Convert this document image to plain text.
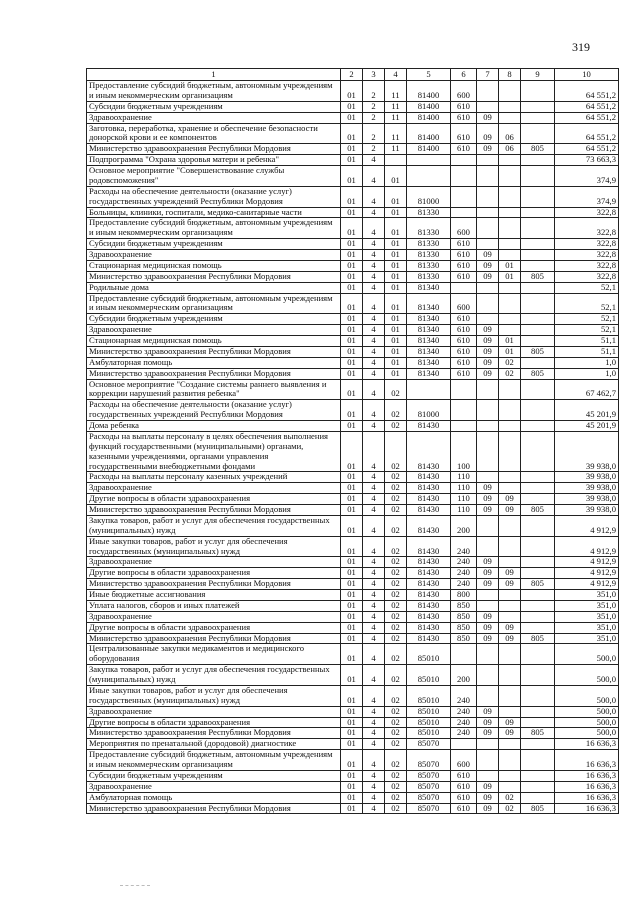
319
1	2	3	4	5	6	7	8	9	10
Предоставление субсидий бюджетным, автономным учреждениям и иным некоммерческим организациям	01	2	11	81400	600				64 551,2
Субсидии бюджетным учреждениям	01	2	11	81400	610				64 551,2
Здравоохранение	01	2	11	81400	610	09			64 551,2
Заготовка, переработка, хранение и обеспечение безопасности донорской крови и ее компонентов	01	2	11	81400	610	09	06		64 551,2
Министерство здравоохранения Республики Мордовия	01	2	11	81400	610	09	06	805	64 551,2
Подпрограмма "Охрана здоровья матери и ребенка"	01	4							73 663,3
Основное мероприятие "Совершенствование службы родовспоможения"	01	4	01						374,9
Расходы на обеспечение деятельности (оказание услуг) государственных учреждений Республики Мордовия	01	4	01	81000					374,9
Больницы, клиники, госпитали, медико-санитарные части	01	4	01	81330					322,8
Предоставление субсидий бюджетным, автономным учреждениям и иным некоммерческим организациям	01	4	01	81330	600				322,8
Субсидии бюджетным учреждениям	01	4	01	81330	610				322,8
Здравоохранение	01	4	01	81330	610	09			322,8
Стационарная медицинская помощь	01	4	01	81330	610	09	01		322,8
Министерство здравоохранения Республики Мордовия	01	4	01	81330	610	09	01	805	322,8
Родильные дома	01	4	01	81340					52,1
Предоставление субсидий бюджетным, автономным учреждениям и иным некоммерческим организациям	01	4	01	81340	600				52,1
Субсидии бюджетным учреждениям	01	4	01	81340	610				52,1
Здравоохранение	01	4	01	81340	610	09			52,1
Стационарная медицинская помощь	01	4	01	81340	610	09	01		51,1
Министерство здравоохранения Республики Мордовия	01	4	01	81340	610	09	01	805	51,1
Амбулаторная помощь	01	4	01	81340	610	09	02		1,0
Министерство здравоохранения Республики Мордовия	01	4	01	81340	610	09	02	805	1,0
Основное мероприятие "Создание системы раннего выявления и коррекции нарушений развития ребенка"	01	4	02						67 462,7
Расходы на обеспечение деятельности (оказание услуг) государственных учреждений Республики Мордовия	01	4	02	81000					45 201,9
Дома ребенка	01	4	02	81430					45 201,9
Расходы на выплаты персоналу в целях обеспечения выполнения функций государственными (муниципальными) органами, казенными учреждениями, органами управления государственными внебюджетными фондами	01	4	02	81430	100				39 938,0
Расходы на выплаты персоналу казенных учреждений	01	4	02	81430	110				39 938,0
Здравоохранение	01	4	02	81430	110	09			39 938,0
Другие вопросы в области здравоохранения	01	4	02	81430	110	09	09		39 938,0
Министерство здравоохранения Республики Мордовия	01	4	02	81430	110	09	09	805	39 938,0
Закупка товаров, работ и услуг для обеспечения государственных (муниципальных) нужд	01	4	02	81430	200				4 912,9
Иные закупки товаров, работ и услуг для обеспечения государственных (муниципальных) нужд	01	4	02	81430	240				4 912,9
Здравоохранение	01	4	02	81430	240	09			4 912,9
Другие вопросы в области здравоохранения	01	4	02	81430	240	09	09		4 912,9
Министерство здравоохранения Республики Мордовия	01	4	02	81430	240	09	09	805	4 912,9
Иные бюджетные ассигнования	01	4	02	81430	800				351,0
Уплата налогов, сборов и иных платежей	01	4	02	81430	850				351,0
Здравоохранение	01	4	02	81430	850	09			351,0
Другие вопросы в области здравоохранения	01	4	02	81430	850	09	09		351,0
Министерство здравоохранения Республики Мордовия	01	4	02	81430	850	09	09	805	351,0
Централизованные закупки медикаментов и медицинского оборудования	01	4	02	85010					500,0
Закупка товаров, работ и услуг для обеспечения государственных (муниципальных) нужд	01	4	02	85010	200				500,0
Иные закупки товаров, работ и услуг для обеспечения государственных (муниципальных) нужд	01	4	02	85010	240				500,0
Здравоохранение	01	4	02	85010	240	09			500,0
Другие вопросы в области здравоохранения	01	4	02	85010	240	09	09		500,0
Министерство здравоохранения Республики Мордовия	01	4	02	85010	240	09	09	805	500,0
Мероприятия по пренатальной (дородовой) диагностике	01	4	02	85070					16 636,3
Предоставление субсидий бюджетным, автономным учреждениям и иным некоммерческим организациям	01	4	02	85070	600				16 636,3
Субсидии бюджетным учреждениям	01	4	02	85070	610				16 636,3
Здравоохранение	01	4	02	85070	610	09			16 636,3
Амбулаторная помощь	01	4	02	85070	610	09	02		16 636,3
Министерство здравоохранения Республики Мордовия	01	4	02	85070	610	09	02	805	16 636,3
